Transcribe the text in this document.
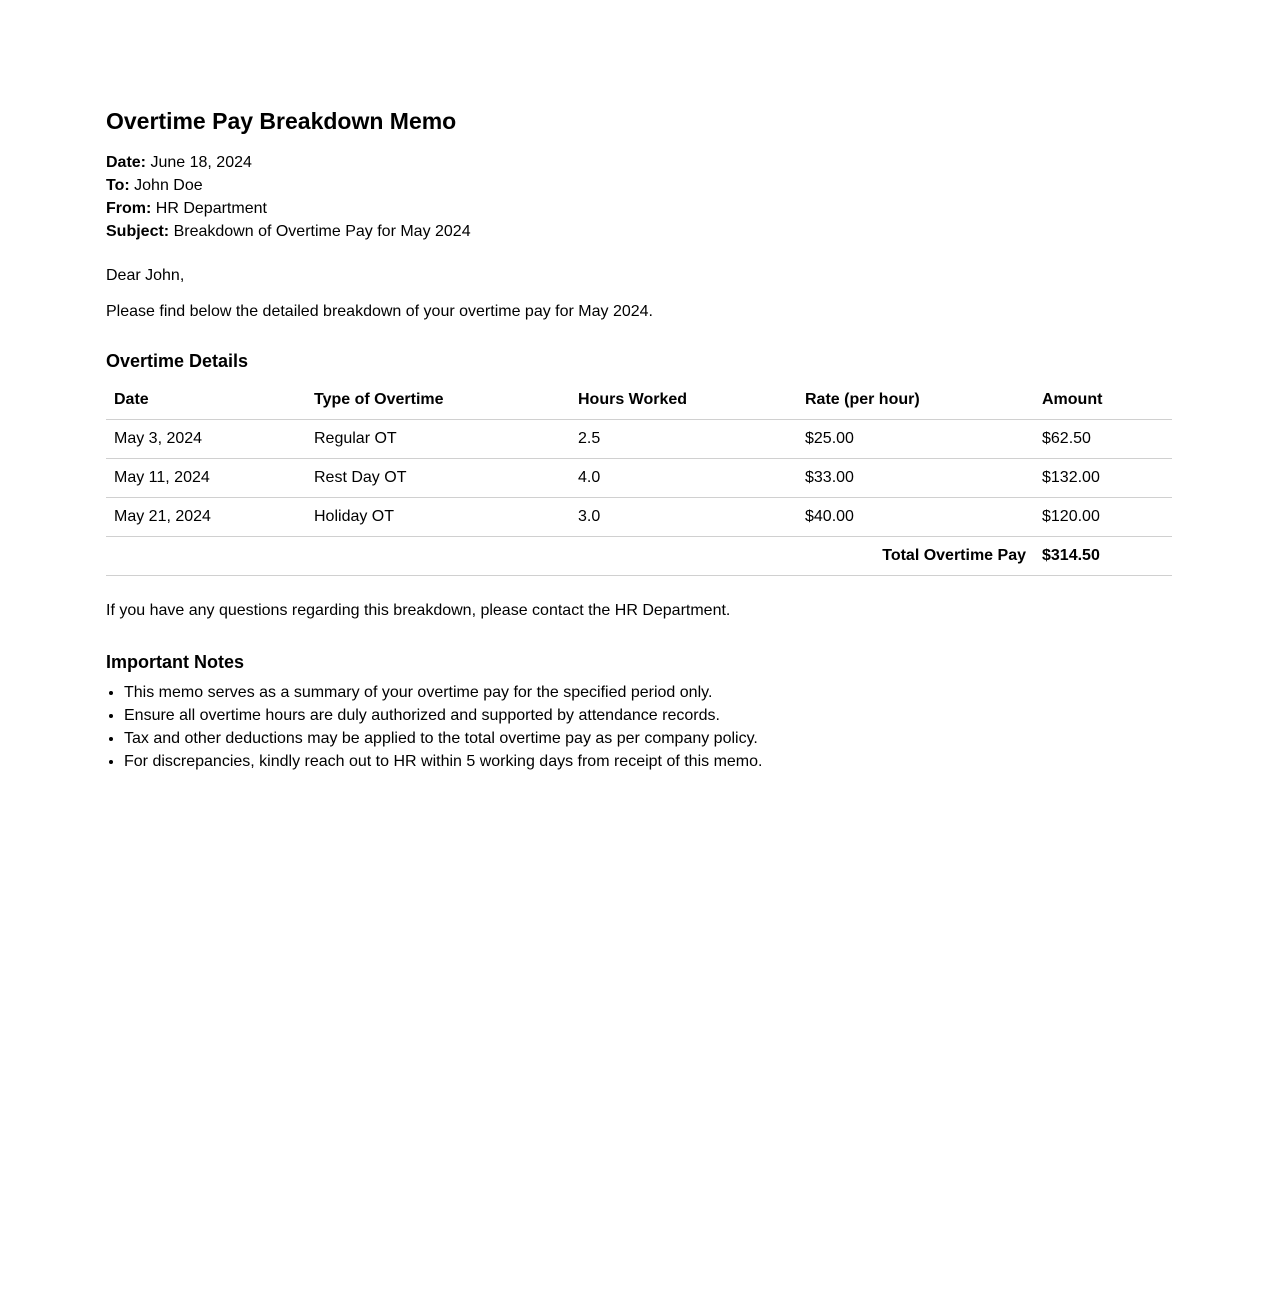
Overtime Pay Breakdown Memo
Date: June 18, 2024
To: John Doe
From: HR Department
Subject: Breakdown of Overtime Pay for May 2024

Dear John,

Please find below the detailed breakdown of your overtime pay for May 2024.

Overtime Details
Date	Type of Overtime	Hours Worked	Rate (per hour)	Amount
May 3, 2024	Regular OT	2.5	$25.00	$62.50
May 11, 2024	Rest Day OT	4.0	$33.00	$132.00
May 21, 2024	Holiday OT	3.0	$40.00	$120.00
Total Overtime Pay				$314.50

If you have any questions regarding this breakdown, please contact the HR Department.

Important Notes
• This memo serves as a summary of your overtime pay for the specified period only.
• Ensure all overtime hours are duly authorized and supported by attendance records.
• Tax and other deductions may be applied to the total overtime pay as per company policy.
• For discrepancies, kindly reach out to HR within 5 working days from receipt of this memo.
